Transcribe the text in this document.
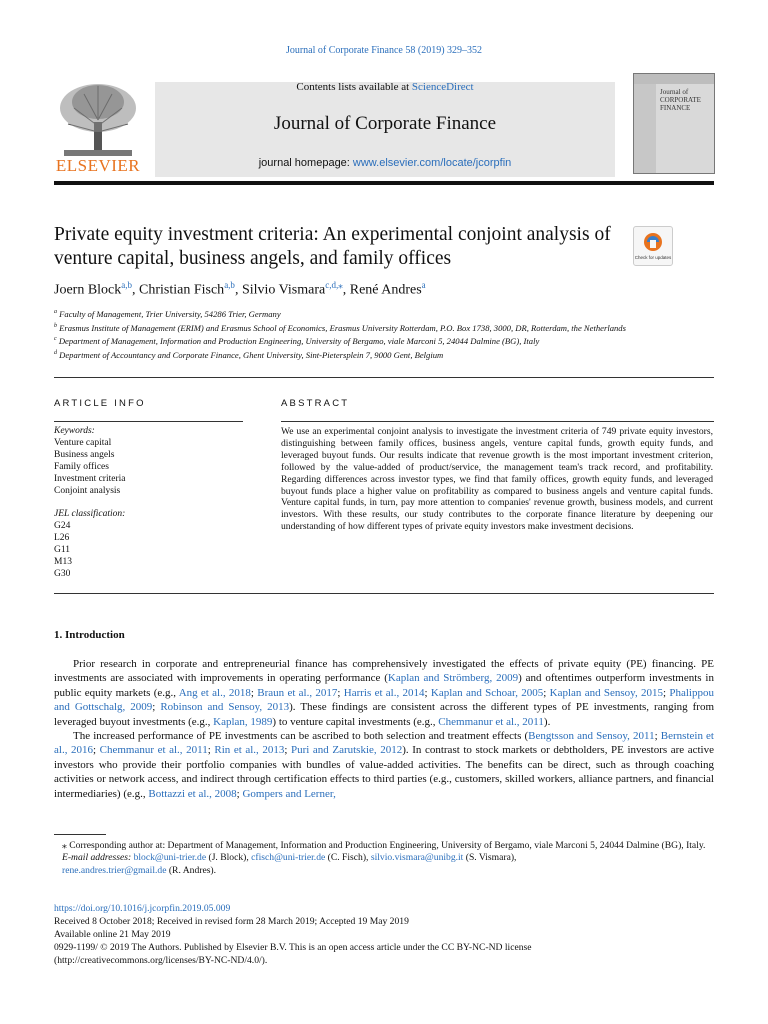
Journal of Corporate Finance 58 (2019) 329–352
ELSEVIER
Contents lists available at ScienceDirect
Journal of Corporate Finance
journal homepage: www.elsevier.com/locate/jcorpfin
Journal of CORPORATE FINANCE
Private equity investment criteria: An experimental conjoint analysis of venture capital, business angels, and family offices	Check for updates
Joern Block$^{a,b}$, Christian Fisch$^{a,b}$, Silvio Vismara$^{c,d,⁎}$, René Andres$^a$
$^a$ Faculty of Management, Trier University, 54286 Trier, Germany
$^b$ Erasmus Institute of Management (ERIM) and Erasmus School of Economics, Erasmus University Rotterdam, P.O. Box 1738, 3000, DR, Rotterdam, the Netherlands
$^c$ Department of Management, Information and Production Engineering, University of Bergamo, viale Marconi 5, 24044 Dalmine (BG), Italy
$^d$ Department of Accountancy and Corporate Finance, Ghent University, Sint-Pietersplein 7, 9000 Gent, Belgium
ARTICLE INFO
Keywords:
Venture capital
Business angels
Family offices
Investment criteria
Conjoint analysis
JEL classification:
G24
L26
G11
M13
G30
ABSTRACT
We use an experimental conjoint analysis to investigate the investment criteria of 749 private equity investors, distinguishing between family offices, business angels, venture capital funds, growth equity funds, and leveraged buyout funds. Our results indicate that revenue growth is the most important investment criterion, followed by the value-added of product/service, the management team's track record, and profitability. Regarding differences across investor types, we find that family offices, growth equity funds, and leveraged buyout funds place a higher value on profitability as compared to business angels and venture capital funds. Venture capital funds, in turn, pay more attention to companies' revenue growth, business models, and current investors. With these results, our study contributes to the corporate finance literature by deepening our understanding of how different types of private equity investors make investment decisions.
1. Introduction

Prior research in corporate and entrepreneurial finance has comprehensively investigated the effects of private equity (PE) financing. PE investments are associated with improvements in operating performance (Kaplan and Strömberg, 2009) and oftentimes outperform investments in public equity markets (e.g., Ang et al., 2018; Braun et al., 2017; Harris et al., 2014; Kaplan and Schoar, 2005; Kaplan and Sensoy, 2015; Phalippou and Gottschalg, 2009; Robinson and Sensoy, 2013). These findings are consistent across the different types of PE investments, ranging from leveraged buyout investments (e.g., Kaplan, 1989) to venture capital investments (e.g., Chemmanur et al., 2011).

The increased performance of PE investments can be ascribed to both selection and treatment effects (Bengtsson and Sensoy, 2011; Bernstein et al., 2016; Chemmanur et al., 2011; Rin et al., 2013; Puri and Zarutskie, 2012). In contrast to stock markets or debtholders, PE investors are active investors who provide their portfolio companies with bundles of value-added activities. The benefits can be direct, such as through coaching activities or network access, and indirect through certification effects to third parties (e.g., customers, skilled workers, alliance partners, and financial intermediaries) (e.g., Bottazzi et al., 2008; Gompers and Lerner,

⁎ Corresponding author at: Department of Management, Information and Production Engineering, University of Bergamo, viale Marconi 5, 24044 Dalmine (BG), Italy.
E-mail addresses: block@uni-trier.de (J. Block), cfisch@uni-trier.de (C. Fisch), silvio.vismara@unibg.it (S. Vismara),
rene.andres.trier@gmail.de (R. Andres).
https://doi.org/10.1016/j.jcorpfin.2019.05.009
Received 8 October 2018; Received in revised form 28 March 2019; Accepted 19 May 2019
Available online 21 May 2019
0929-1199/ © 2019 The Authors. Published by Elsevier B.V. This is an open access article under the CC BY-NC-ND license
(http://creativecommons.org/licenses/BY-NC-ND/4.0/).
